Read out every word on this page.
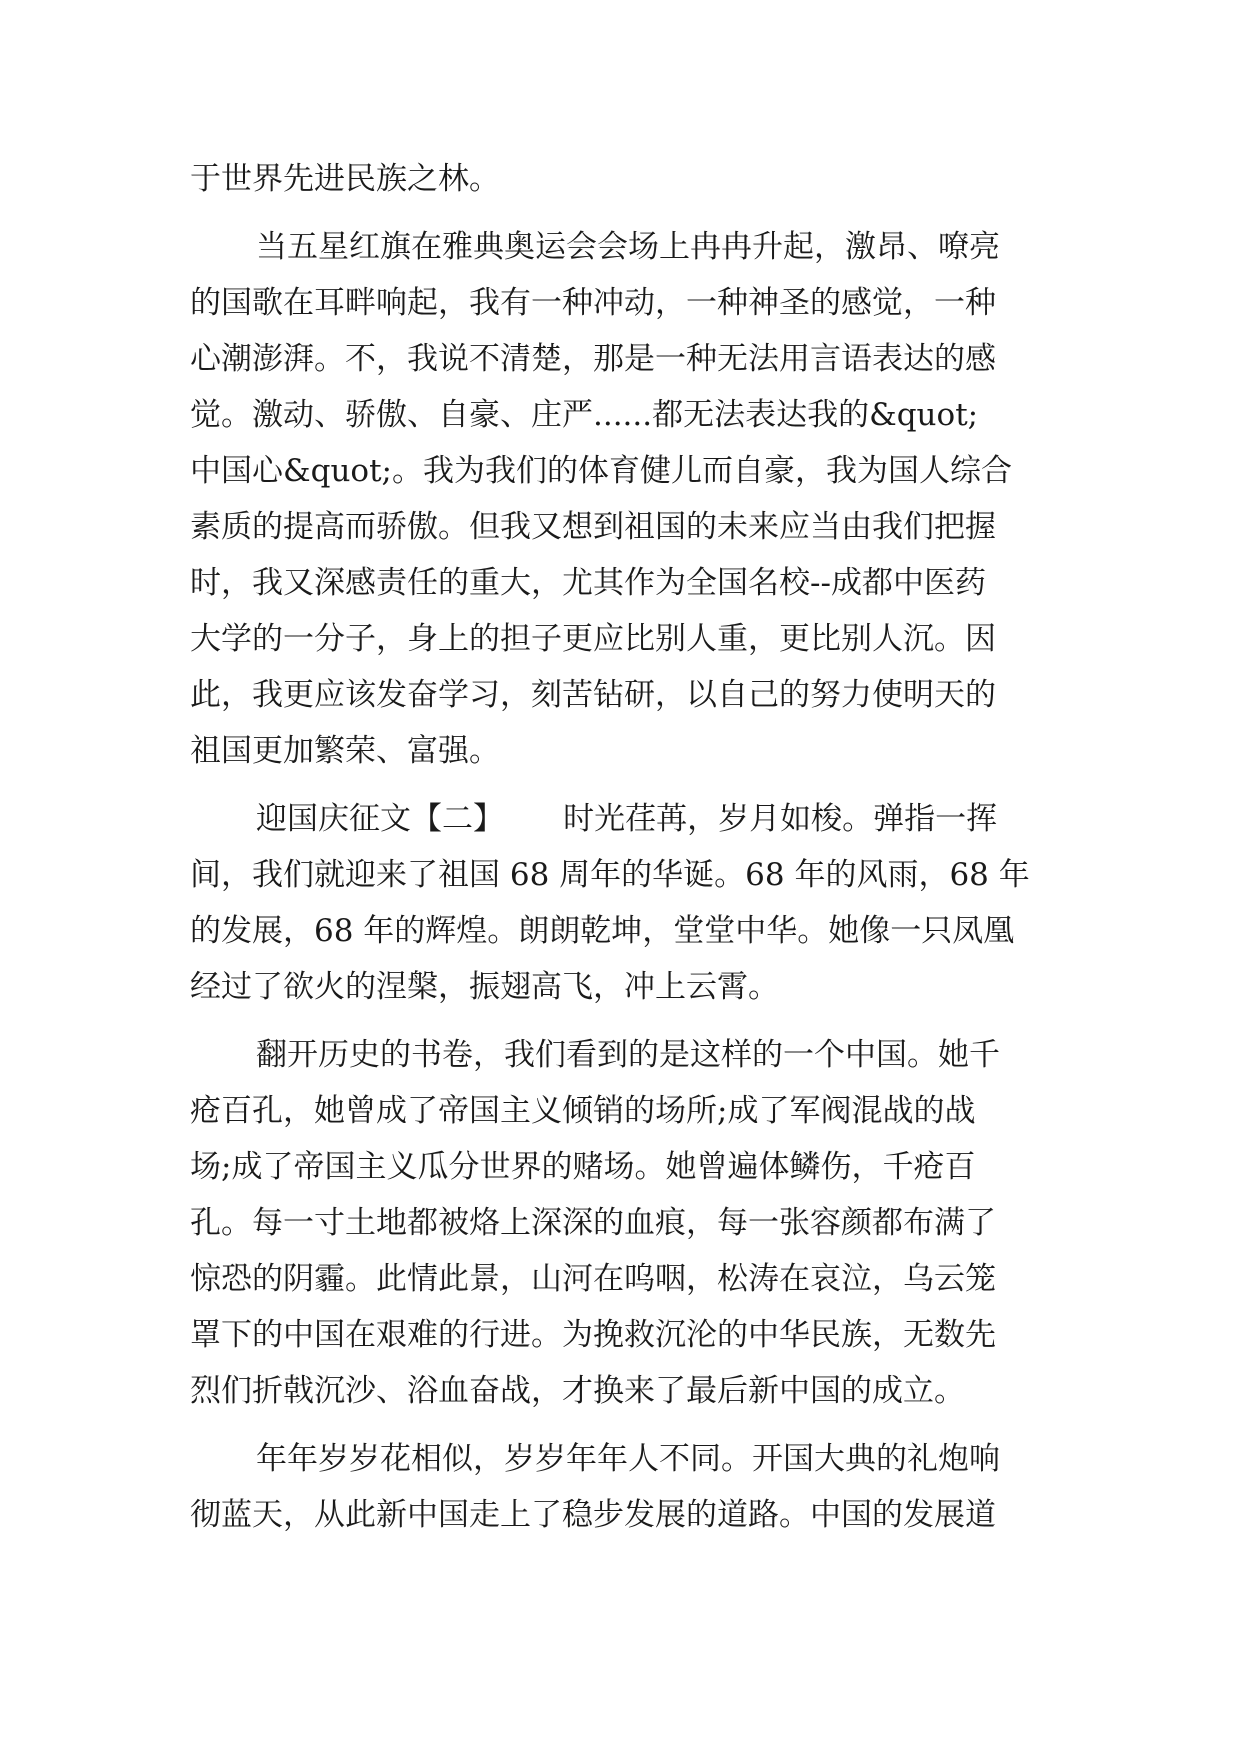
于世界先进民族之林。
当五星红旗在雅典奥运会会场上冉冉升起，激昂、嘹亮
的国歌在耳畔响起，我有一种冲动，一种神圣的感觉，一种
心潮澎湃。不，我说不清楚，那是一种无法用言语表达的感
觉。激动、骄傲、自豪、庄严......都无法表达我的&quot;
中国心&quot;。我为我们的体育健儿而自豪，我为国人综合
素质的提高而骄傲。但我又想到祖国的未来应当由我们把握
时，我又深感责任的重大，尤其作为全国名校--成都中医药
大学的一分子，身上的担子更应比别人重，更比别人沉。因
此，我更应该发奋学习，刻苦钻研，以自己的努力使明天的
祖国更加繁荣、富强。
迎国庆征文【二】      时光荏苒，岁月如梭。弹指一挥
间，我们就迎来了祖国 68 周年的华诞。68 年的风雨，68 年
的发展，68 年的辉煌。朗朗乾坤，堂堂中华。她像一只凤凰
经过了欲火的涅槃，振翅高飞，冲上云霄。
翻开历史的书卷，我们看到的是这样的一个中国。她千
疮百孔，她曾成了帝国主义倾销的场所;成了军阀混战的战
场;成了帝国主义瓜分世界的赌场。她曾遍体鳞伤，千疮百
孔。每一寸土地都被烙上深深的血痕，每一张容颜都布满了
惊恐的阴霾。此情此景，山河在呜咽，松涛在哀泣，乌云笼
罩下的中国在艰难的行进。为挽救沉沦的中华民族，无数先
烈们折戟沉沙、浴血奋战，才换来了最后新中国的成立。
年年岁岁花相似，岁岁年年人不同。开国大典的礼炮响
彻蓝天，从此新中国走上了稳步发展的道路。中国的发展道
